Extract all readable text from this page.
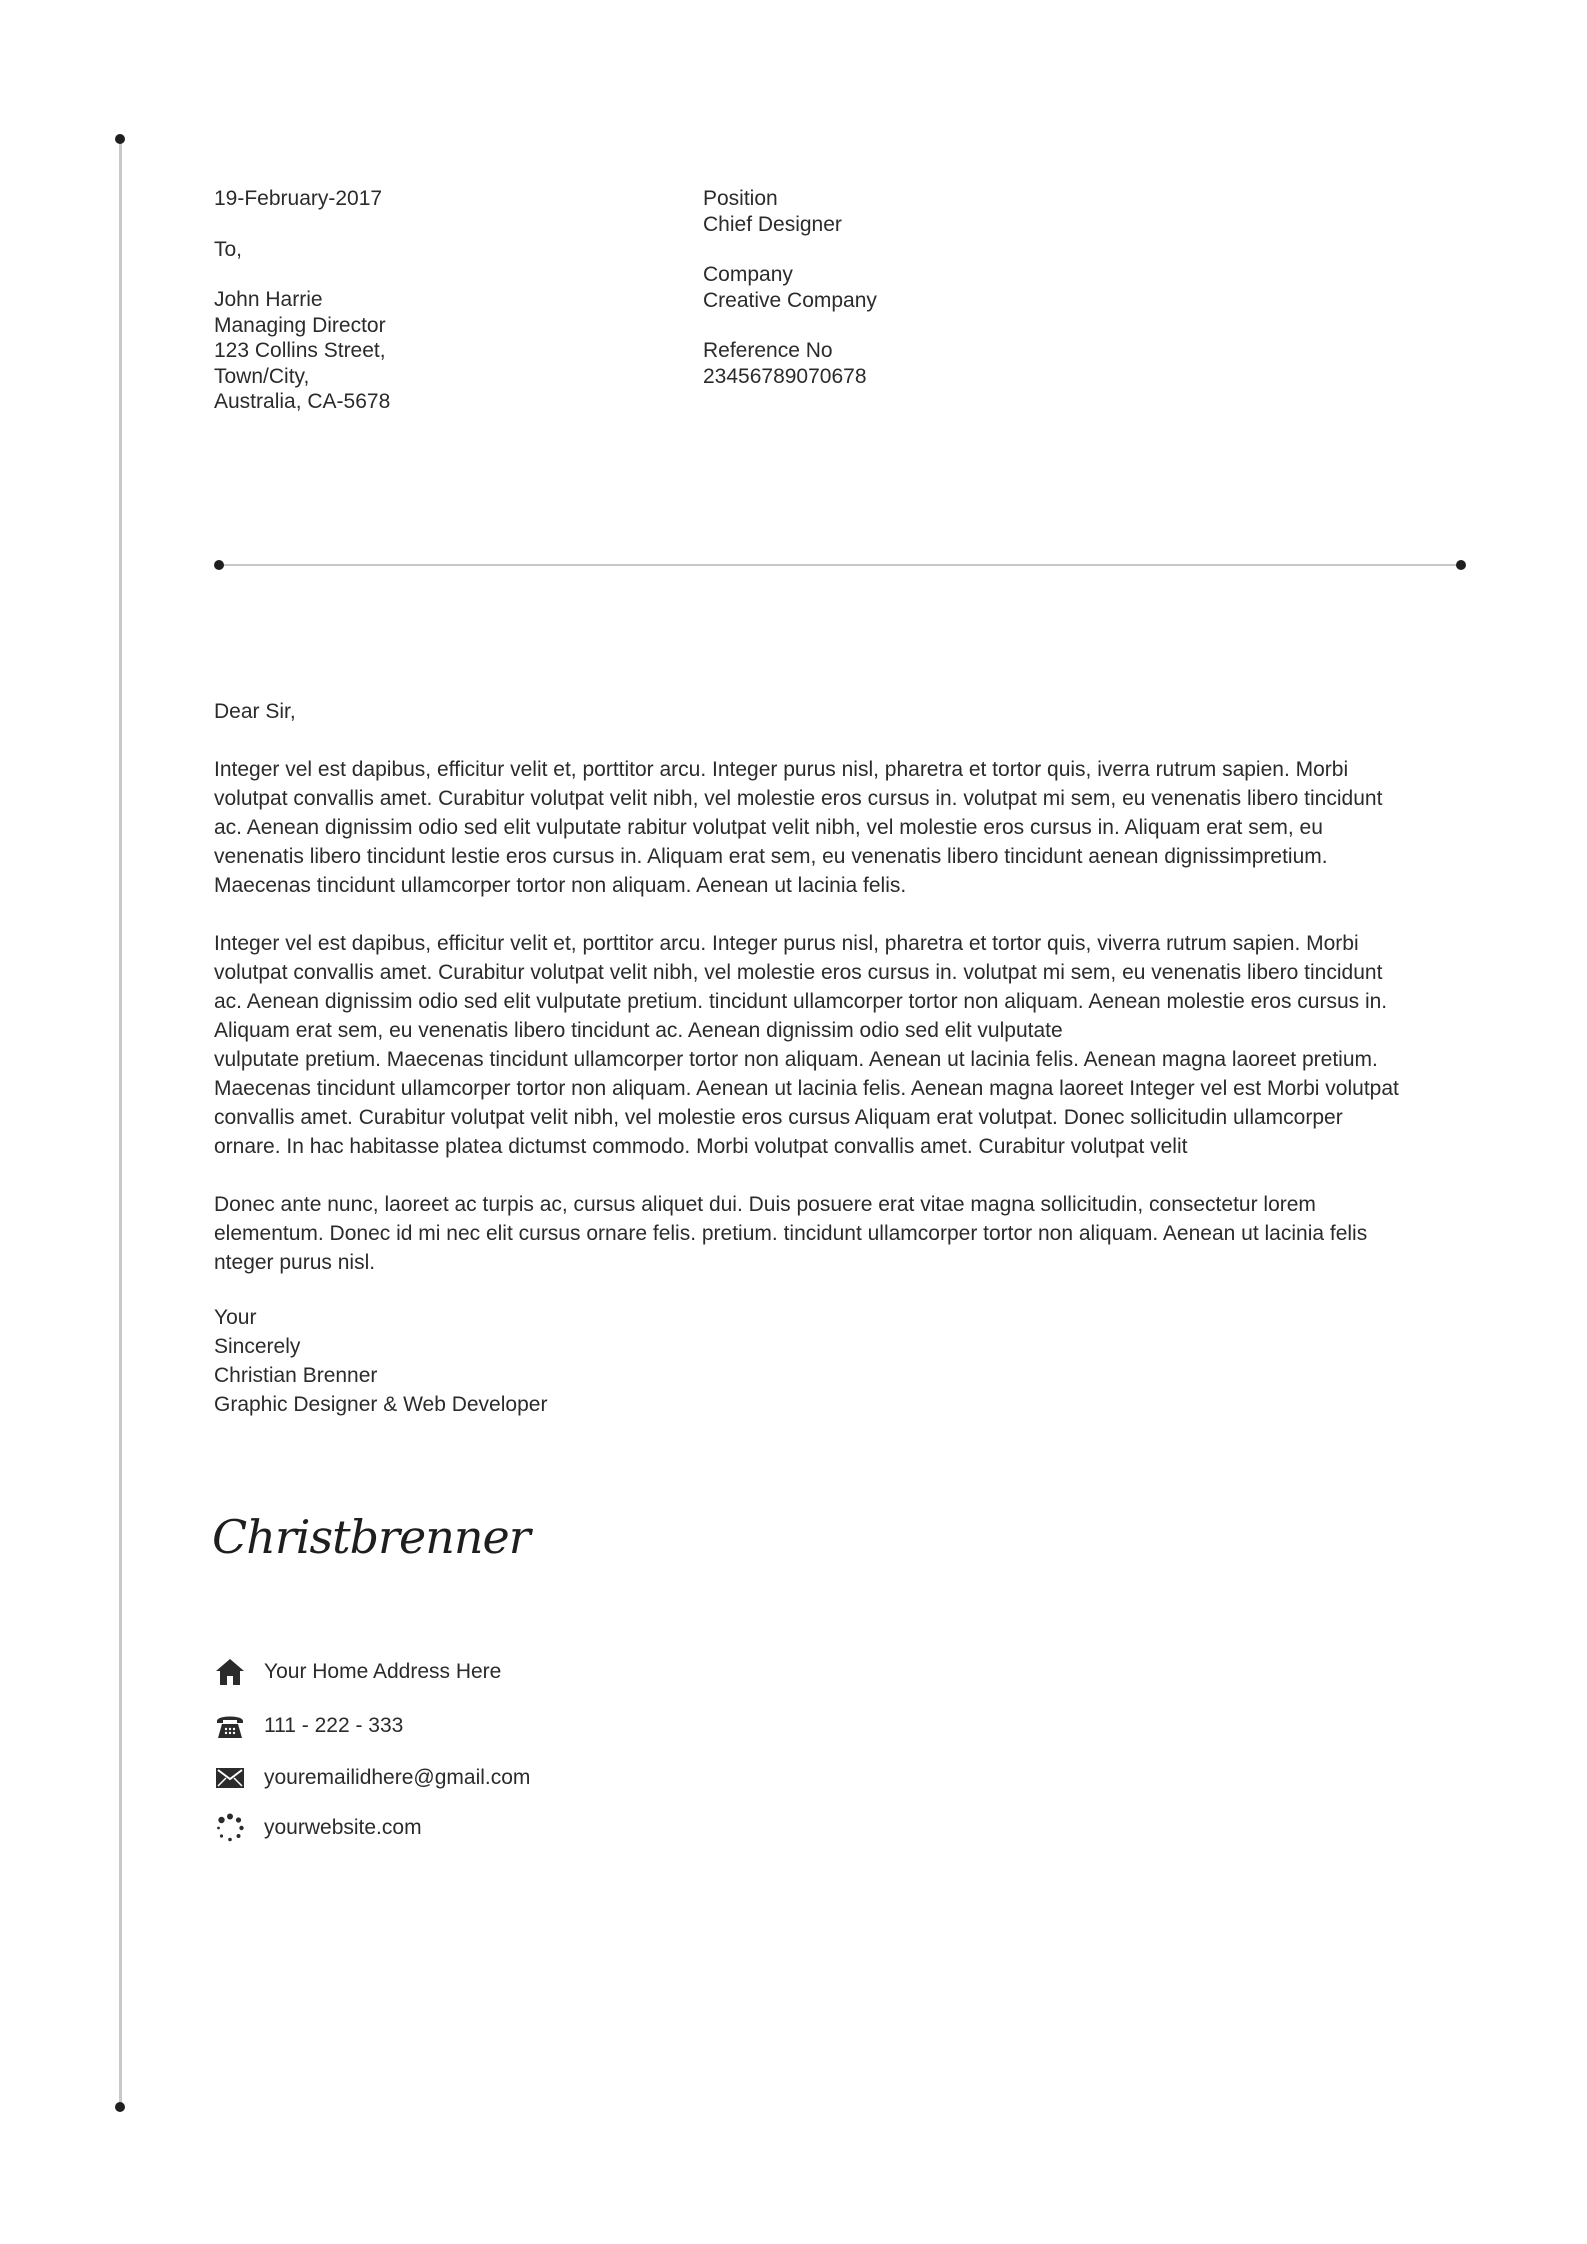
19-February-2017
To,
John Harrie
Managing Director
123 Collins Street,
Town/City,
Australia, CA-5678
Position
Chief Designer
Company
Creative Company
Reference No
23456789070678

Dear Sir,

Integer vel est dapibus, efficitur velit et, porttitor arcu. Integer purus nisl, pharetra et tortor quis, iverra rutrum sapien. Morbi
volutpat convallis amet. Curabitur volutpat velit nibh, vel molestie eros cursus in. volutpat mi sem, eu venenatis libero tincidunt
ac. Aenean dignissim odio sed elit vulputate rabitur volutpat velit nibh, vel molestie eros cursus in. Aliquam erat sem, eu
venenatis libero tincidunt lestie eros cursus in. Aliquam erat sem, eu venenatis libero tincidunt aenean dignissimpretium.
Maecenas tincidunt ullamcorper tortor non aliquam. Aenean ut lacinia felis.

Integer vel est dapibus, efficitur velit et, porttitor arcu. Integer purus nisl, pharetra et tortor quis, viverra rutrum sapien. Morbi
volutpat convallis amet. Curabitur volutpat velit nibh, vel molestie eros cursus in. volutpat mi sem, eu venenatis libero tincidunt
ac. Aenean dignissim odio sed elit vulputate pretium. tincidunt ullamcorper tortor non aliquam. Aenean molestie eros cursus in.
Aliquam erat sem, eu venenatis libero tincidunt ac. Aenean dignissim odio sed elit vulputate
vulputate pretium. Maecenas tincidunt ullamcorper tortor non aliquam. Aenean ut lacinia felis. Aenean magna laoreet pretium.
Maecenas tincidunt ullamcorper tortor non aliquam. Aenean ut lacinia felis. Aenean magna laoreet Integer vel est Morbi volutpat
convallis amet. Curabitur volutpat velit nibh, vel molestie eros cursus Aliquam erat volutpat. Donec sollicitudin ullamcorper
ornare. In hac habitasse platea dictumst commodo. Morbi volutpat convallis amet. Curabitur volutpat velit

Donec ante nunc, laoreet ac turpis ac, cursus aliquet dui. Duis posuere erat vitae magna sollicitudin, consectetur lorem
elementum. Donec id mi nec elit cursus ornare felis. pretium. tincidunt ullamcorper tortor non aliquam. Aenean ut lacinia felis
nteger purus nisl.

Your
Sincerely
Christian Brenner
Graphic Designer & Web Developer
Christbrenner
Your Home Address Here
111 - 222 - 333
youremailidhere@gmail.com
yourwebsite.com
